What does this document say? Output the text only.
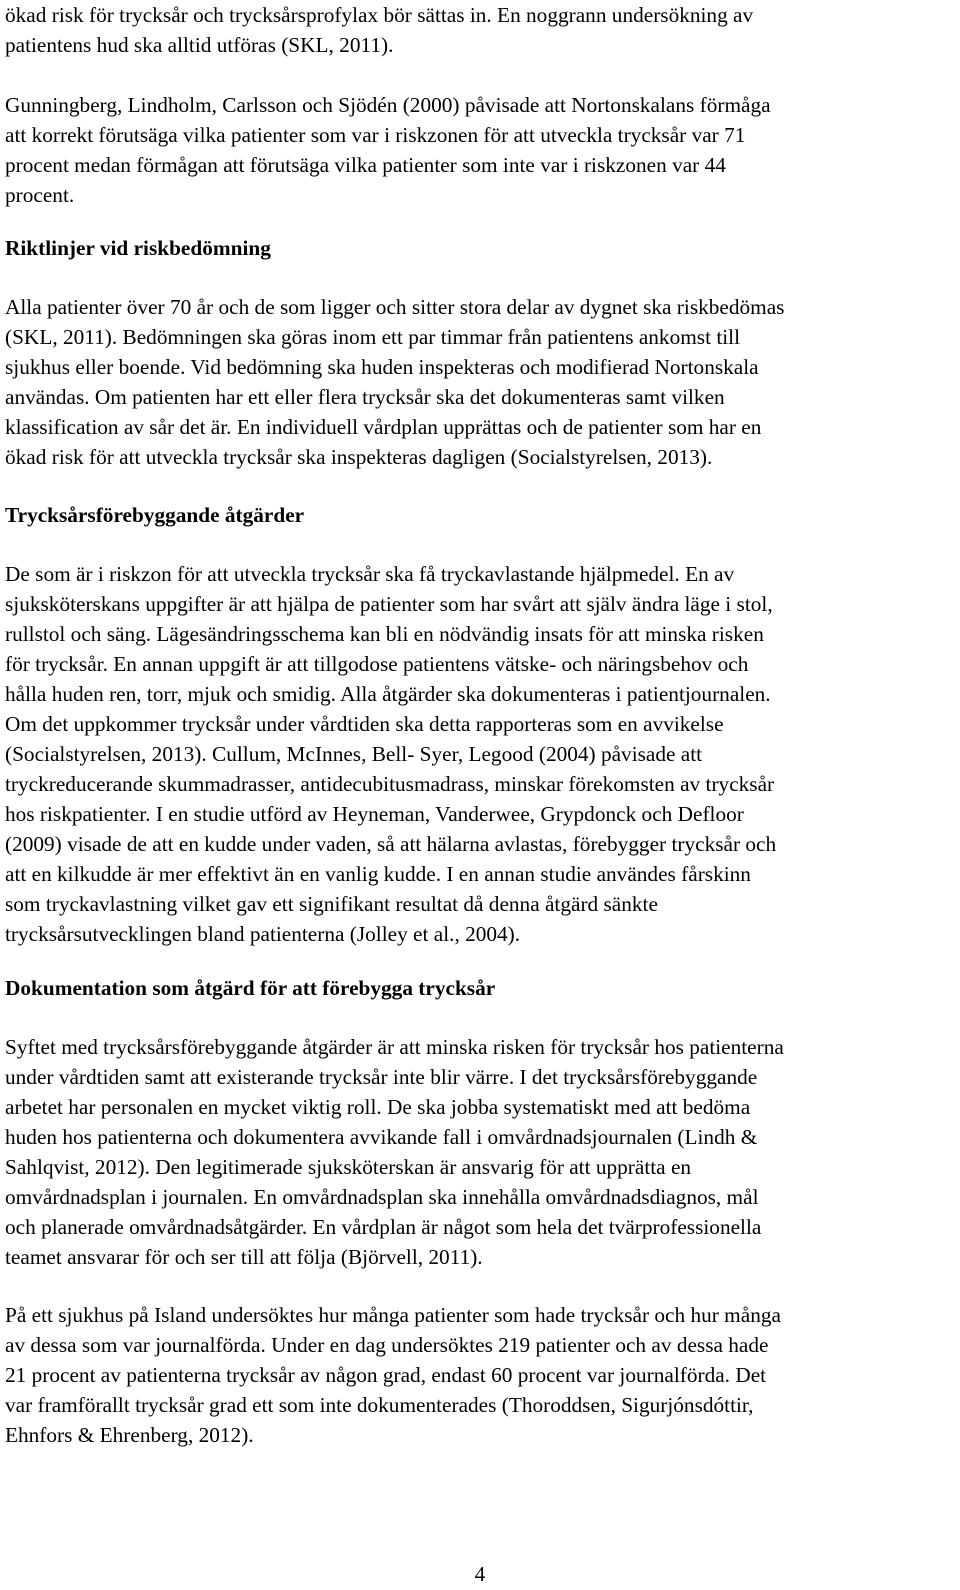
ökad risk för trycksår och trycksårsprofylax bör sättas in. En noggrann undersökning av

patientens hud ska alltid utföras (SKL, 2011).

Gunningberg, Lindholm, Carlsson och Sjödén (2000) påvisade att Nortonskalans förmåga

att korrekt förutsäga vilka patienter som var i riskzonen för att utveckla trycksår var 71

procent medan förmågan att förutsäga vilka patienter som inte var i riskzonen var 44

procent.

Riktlinjer vid riskbedömning

Alla patienter över 70 år och de som ligger och sitter stora delar av dygnet ska riskbedömas

(SKL, 2011). Bedömningen ska göras inom ett par timmar från patientens ankomst till

sjukhus eller boende. Vid bedömning ska huden inspekteras och modifierad Nortonskala

användas. Om patienten har ett eller flera trycksår ska det dokumenteras samt vilken

klassification av sår det är. En individuell vårdplan upprättas och de patienter som har en

ökad risk för att utveckla trycksår ska inspekteras dagligen (Socialstyrelsen, 2013).

Trycksårsförebyggande åtgärder

De som är i riskzon för att utveckla trycksår ska få tryckavlastande hjälpmedel. En av

sjuksköterskans uppgifter är att hjälpa de patienter som har svårt att själv ändra läge i stol,

rullstol och säng. Lägesändringsschema kan bli en nödvändig insats för att minska risken

för trycksår. En annan uppgift är att tillgodose patientens vätske- och näringsbehov och

hålla huden ren, torr, mjuk och smidig. Alla åtgärder ska dokumenteras i patientjournalen.

Om det uppkommer trycksår under vårdtiden ska detta rapporteras som en avvikelse

(Socialstyrelsen, 2013). Cullum, McInnes, Bell- Syer, Legood (2004) påvisade att

tryckreducerande skummadrasser, antidecubitusmadrass, minskar förekomsten av trycksår

hos riskpatienter. I en studie utförd av Heyneman, Vanderwee, Grypdonck och Defloor

(2009) visade de att en kudde under vaden, så att hälarna avlastas, förebygger trycksår och

att en kilkudde är mer effektivt än en vanlig kudde. I en annan studie användes fårskinn

som tryckavlastning vilket gav ett signifikant resultat då denna åtgärd sänkte

trycksårsutvecklingen bland patienterna (Jolley et al., 2004).

Dokumentation som åtgärd för att förebygga trycksår

Syftet med trycksårsförebyggande åtgärder är att minska risken för trycksår hos patienterna

under vårdtiden samt att existerande trycksår inte blir värre. I det trycksårsförebyggande

arbetet har personalen en mycket viktig roll. De ska jobba systematiskt med att bedöma

huden hos patienterna och dokumentera avvikande fall i omvårdnadsjournalen (Lindh &

Sahlqvist, 2012). Den legitimerade sjuksköterskan är ansvarig för att upprätta en

omvårdnadsplan i journalen. En omvårdnadsplan ska innehålla omvårdnadsdiagnos, mål

och planerade omvårdnadsåtgärder. En vårdplan är något som hela det tvärprofessionella

teamet ansvarar för och ser till att följa (Björvell, 2011).

På ett sjukhus på Island undersöktes hur många patienter som hade trycksår och hur många

av dessa som var journalförda. Under en dag undersöktes 219 patienter och av dessa hade

21 procent av patienterna trycksår av någon grad, endast 60 procent var journalförda. Det

var framförallt trycksår grad ett som inte dokumenterades (Thoroddsen, Sigurjónsdóttir,

Ehnfors & Ehrenberg, 2012).

4
